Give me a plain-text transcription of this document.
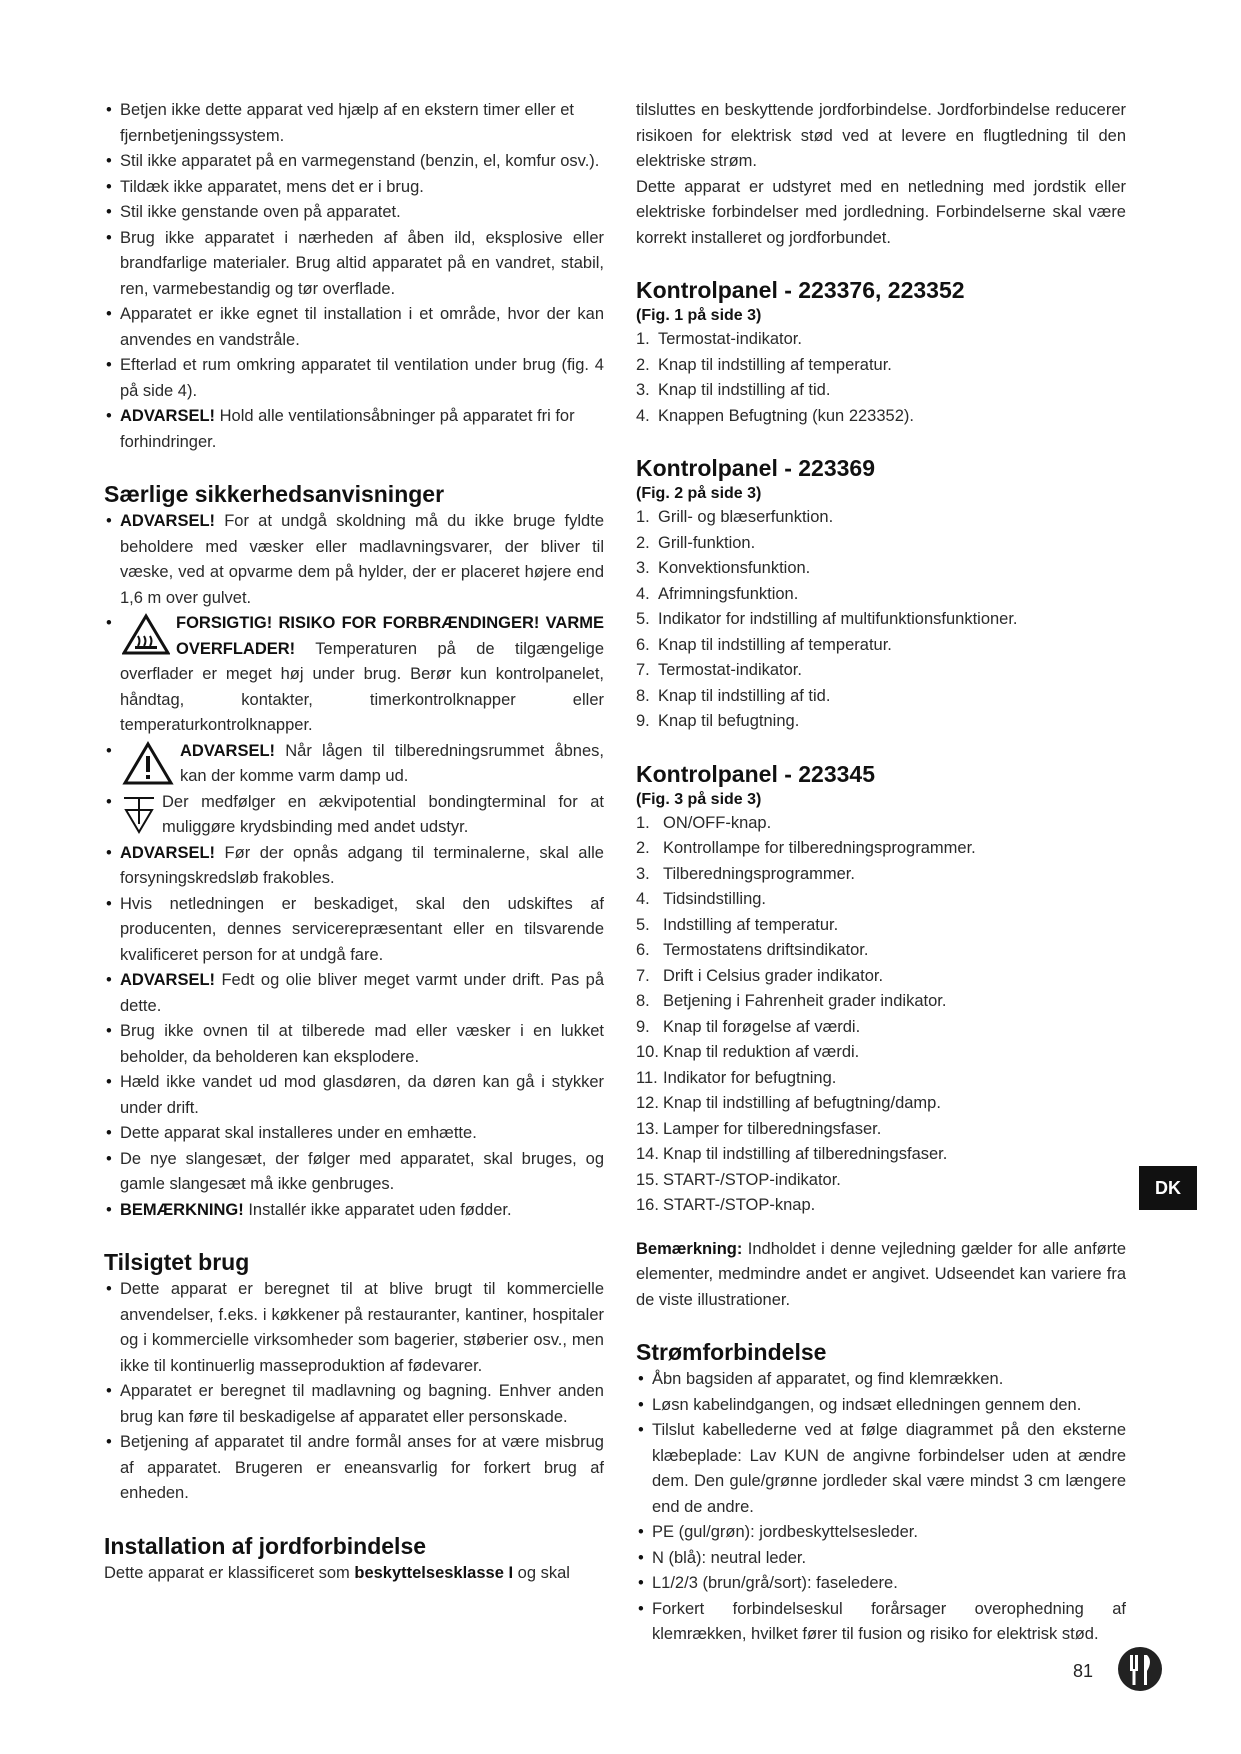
• Betjen ikke dette apparat ved hjælp af en ekstern timer eller et fjernbetjeningssystem.
• Stil ikke apparatet på en varmegenstand (benzin, el, komfur osv.).
• Tildæk ikke apparatet, mens det er i brug.
• Stil ikke genstande oven på apparatet.
• Brug ikke apparatet i nærheden af åben ild, eksplosive eller brandfarlige materialer. Brug altid apparatet på en vandret, stabil, ren, varmebestandig og tør overflade.
• Apparatet er ikke egnet til installation i et område, hvor der kan anvendes en vandstråle.
• Efterlad et rum omkring apparatet til ventilation under brug (fig. 4 på side 4).
• ADVARSEL! Hold alle ventilationsåbninger på apparatet fri for forhindringer.
Særlige sikkerhedsanvisninger
• ADVARSEL! For at undgå skoldning må du ikke bruge fyldte beholdere med væsker eller madlavningsvarer, der bliver til væske, ved at opvarme dem på hylder, der er placeret højere end 1,6 m over gulvet.
• FORSIGTIG! RISIKO FOR FORBRÆNDINGER! VARME OVERFLADER! Temperaturen på de tilgængelige overflader er meget høj under brug. Berør kun kontrolpanelet, håndtag, kontakter, timerkontrolknapper eller temperaturkontrolknapper.
• ADVARSEL! Når lågen til tilberedningsrummet åbnes, kan der komme varm damp ud.
• Der medfølger en ækvipotential bondingterminal for at muliggøre krydsbinding med andet udstyr.
• ADVARSEL! Før der opnås adgang til terminalerne, skal alle forsyningskredsløb frakobles.
• Hvis netledningen er beskadiget, skal den udskiftes af producenten, dennes servicerepræsentant eller en tilsvarende kvalificeret person for at undgå fare.
• ADVARSEL! Fedt og olie bliver meget varmt under drift. Pas på dette.
• Brug ikke ovnen til at tilberede mad eller væsker i en lukket beholder, da beholderen kan eksplodere.
• Hæld ikke vandet ud mod glasdøren, da døren kan gå i stykker under drift.
• Dette apparat skal installeres under en emhætte.
• De nye slangesæt, der følger med apparatet, skal bruges, og gamle slangesæt må ikke genbruges.
• BEMÆRKNING! Installér ikke apparatet uden fødder.
Tilsigtet brug
• Dette apparat er beregnet til at blive brugt til kommercielle anvendelser, f.eks. i køkkener på restauranter, kantiner, hospitaler og i kommercielle virksomheder som bagerier, støberier osv., men ikke til kontinuerlig masseproduktion af fødevarer.
• Apparatet er beregnet til madlavning og bagning. Enhver anden brug kan føre til beskadigelse af apparatet eller personskade.
• Betjening af apparatet til andre formål anses for at være misbrug af apparatet. Brugeren er eneansvarlig for forkert brug af enheden.
Installation af jordforbindelse

Dette apparat er klassificeret som beskyttelsesklasse I og skal

tilsluttes en beskyttende jordforbindelse. Jordforbindelse reducerer risikoen for elektrisk stød ved at levere en flugtledning til den elektriske strøm.

Dette apparat er udstyret med en netledning med jordstik eller elektriske forbindelser med jordledning. Forbindelserne skal være korrekt installeret og jordforbundet.

Kontrolpanel - 223376, 223352
(Fig. 1 på side 3)
1. Termostat-indikator.
2. Knap til indstilling af temperatur.
3. Knap til indstilling af tid.
4. Knappen Befugtning (kun 223352).
Kontrolpanel - 223369
(Fig. 2 på side 3)
1. Grill- og blæserfunktion.
2. Grill-funktion.
3. Konvektionsfunktion.
4. Afrimningsfunktion.
5. Indikator for indstilling af multifunktionsfunktioner.
6. Knap til indstilling af temperatur.
7. Termostat-indikator.
8. Knap til indstilling af tid.
9. Knap til befugtning.
Kontrolpanel - 223345
(Fig. 3 på side 3)
1. ON/OFF-knap.
2. Kontrollampe for tilberedningsprogrammer.
3. Tilberedningsprogrammer.
4. Tidsindstilling.
5. Indstilling af temperatur.
6. Termostatens driftsindikator.
7. Drift i Celsius grader indikator.
8. Betjening i Fahrenheit grader indikator.
9. Knap til forøgelse af værdi.
10. Knap til reduktion af værdi.
11. Indikator for befugtning.
12. Knap til indstilling af befugtning/damp.
13. Lamper for tilberedningsfaser.
14. Knap til indstilling af tilberedningsfaser.
15. START-/STOP-indikator.
16. START-/STOP-knap.

Bemærkning: Indholdet i denne vejledning gælder for alle anførte elementer, medmindre andet er angivet. Udseendet kan variere fra de viste illustrationer.

Strømforbindelse
• Åbn bagsiden af apparatet, og find klemrækken.
• Løsn kabelindgangen, og indsæt elledningen gennem den.
• Tilslut kabellederne ved at følge diagrammet på den eksterne klæbeplade: Lav KUN de angivne forbindelser uden at ændre dem. Den gule/grønne jordleder skal være mindst 3 cm længere end de andre.
• PE (gul/grøn): jordbeskyttelsesleder.
• N (blå): neutral leder.
• L1/2/3 (brun/grå/sort): faseledere.
• Forkert forbindelseskul forårsager overophedning af klemrækken, hvilket fører til fusion og risiko for elektrisk stød.
DK
81
